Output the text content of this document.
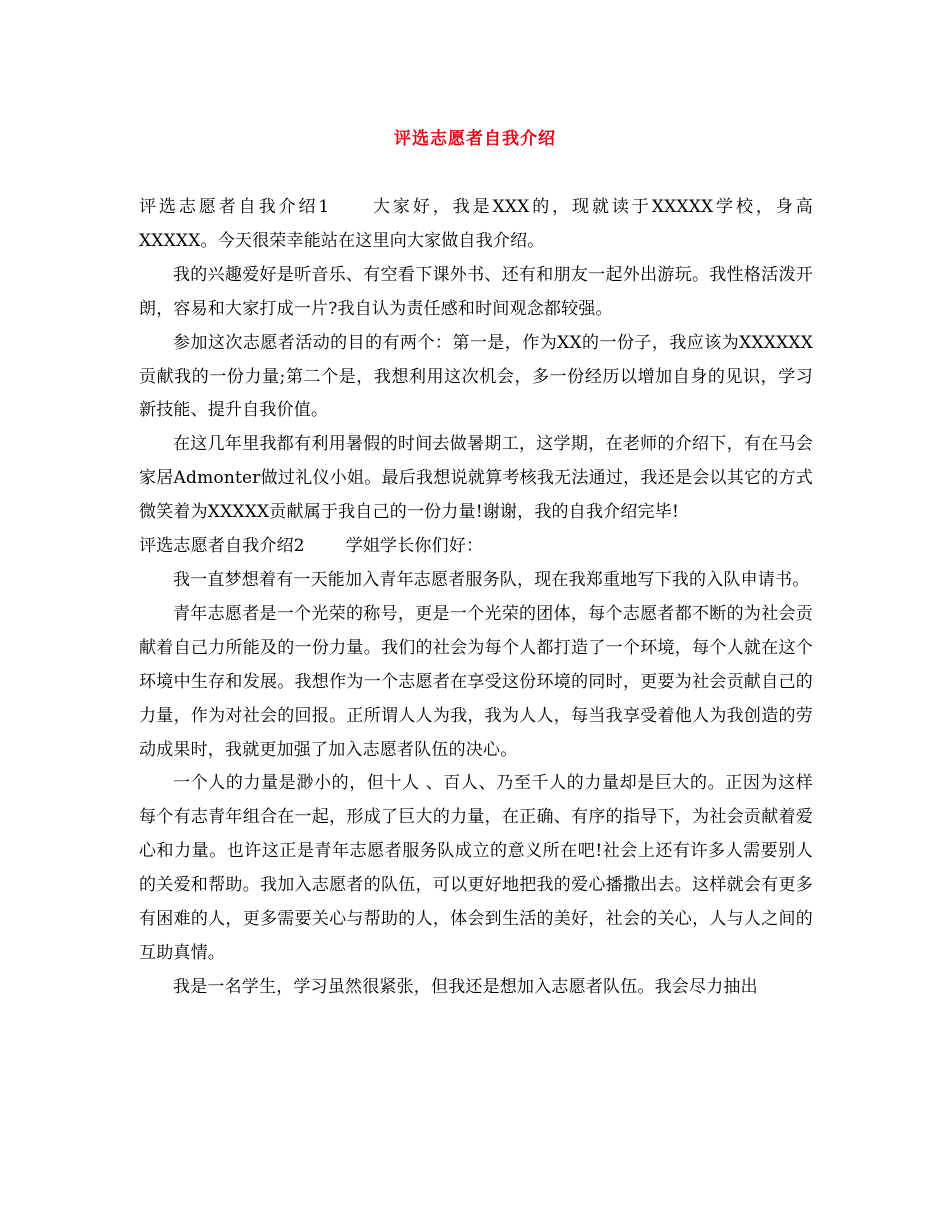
评选志愿者自我介绍

评选志愿者自我介绍1 大家好，我是XXX的，现就读于XXXXX学校，身高XXXXX。今天很荣幸能站在这里向大家做自我介绍。

我的兴趣爱好是听音乐、有空看下课外书、还有和朋友一起外出游玩。我性格活泼开朗，容易和大家打成一片?我自认为责任感和时间观念都较强。

参加这次志愿者活动的目的有两个：第一是，作为XX的一份子，我应该为XXXXXX贡献我的一份力量;第二个是，我想利用这次机会，多一份经历以增加自身的见识，学习新技能、提升自我价值。

在这几年里我都有利用暑假的时间去做暑期工，这学期，在老师的介绍下，有在马会家居Admonter做过礼仪小姐。最后我想说就算考核我无法通过，我还是会以其它的方式微笑着为XXXXX贡献属于我自己的一份力量!谢谢，我的自我介绍完毕!

评选志愿者自我介绍2 学姐学长你们好：

我一直梦想着有一天能加入青年志愿者服务队，现在我郑重地写下我的入队申请书。

青年志愿者是一个光荣的称号，更是一个光荣的团体，每个志愿者都不断的为社会贡献着自己力所能及的一份力量。我们的社会为每个人都打造了一个环境，每个人就在这个环境中生存和发展。我想作为一个志愿者在享受这份环境的同时，更要为社会贡献自己的力量，作为对社会的回报。正所谓人人为我，我为人人，每当我享受着他人为我创造的劳动成果时，我就更加强了加入志愿者队伍的决心。

一个人的力量是渺小的，但十人 、百人、乃至千人的力量却是巨大的。正因为这样每个有志青年组合在一起，形成了巨大的力量，在正确、有序的指导下，为社会贡献着爱心和力量。也许这正是青年志愿者服务队成立的意义所在吧!社会上还有许多人需要别人的关爱和帮助。我加入志愿者的队伍，可以更好地把我的爱心播撒出去。这样就会有更多有困难的人，更多需要关心与帮助的人，体会到生活的美好，社会的关心，人与人之间的互助真情。

我是一名学生，学习虽然很紧张，但我还是想加入志愿者队伍。我会尽力抽出
